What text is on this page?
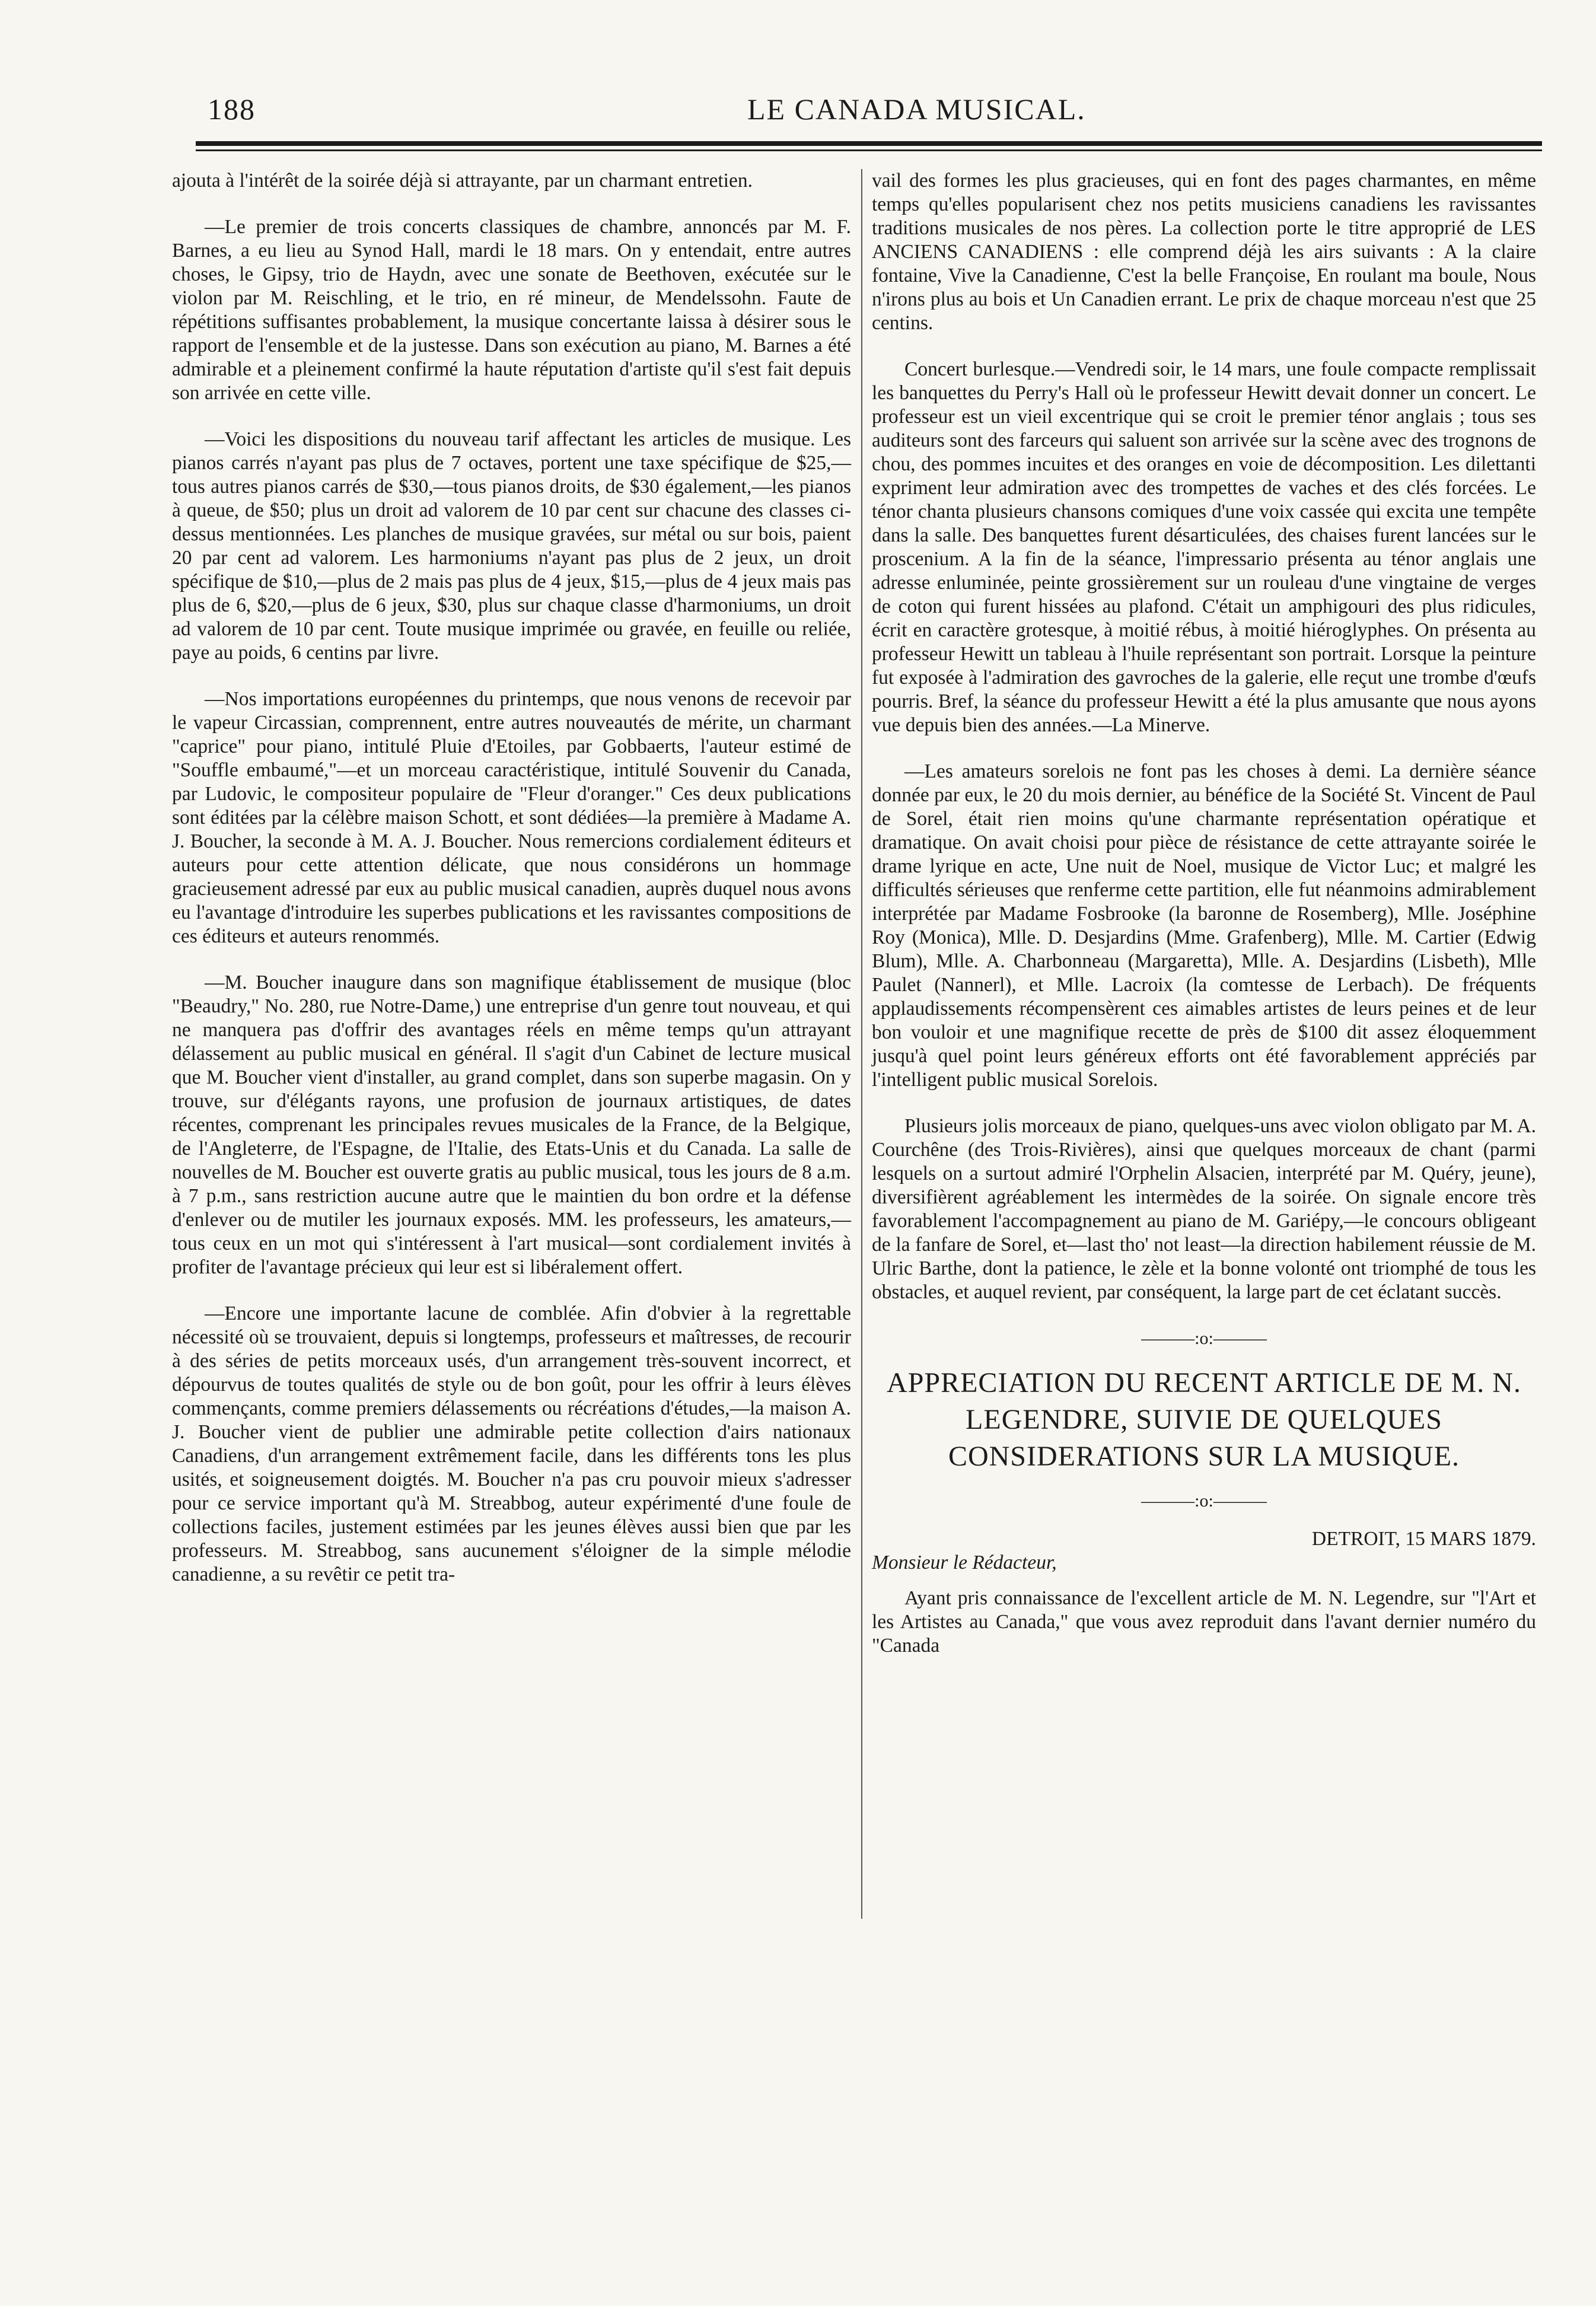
188	LE CANADA MUSICAL.

ajouta à l'intérêt de la soirée déjà si attrayante, par un charmant entretien.

—Le premier de trois concerts classiques de chambre, annoncés par M. F. Barnes, a eu lieu au Synod Hall, mardi le 18 mars. On y entendait, entre autres choses, le Gipsy, trio de Haydn, avec une sonate de Beethoven, exécutée sur le violon par M. Reischling, et le trio, en ré mineur, de Mendelssohn. Faute de répétitions suffisantes probablement, la musique concertante laissa à désirer sous le rapport de l'ensemble et de la justesse. Dans son exécution au piano, M. Barnes a été admirable et a pleinement confirmé la haute réputation d'artiste qu'il s'est fait depuis son arrivée en cette ville.

—Voici les dispositions du nouveau tarif affectant les articles de musique. Les pianos carrés n'ayant pas plus de 7 octaves, portent une taxe spécifique de $25,—tous autres pianos carrés de $30,—tous pianos droits, de $30 également,—les pianos à queue, de $50; plus un droit ad valorem de 10 par cent sur chacune des classes ci-dessus mentionnées. Les planches de musique gravées, sur métal ou sur bois, paient 20 par cent ad valorem. Les harmoniums n'ayant pas plus de 2 jeux, un droit spécifique de $10,—plus de 2 mais pas plus de 4 jeux, $15,—plus de 4 jeux mais pas plus de 6, $20,—plus de 6 jeux, $30, plus sur chaque classe d'harmoniums, un droit ad valorem de 10 par cent. Toute musique imprimée ou gravée, en feuille ou reliée, paye au poids, 6 centins par livre.

—Nos importations européennes du printemps, que nous venons de recevoir par le vapeur Circassian, comprennent, entre autres nouveautés de mérite, un charmant "caprice" pour piano, intitulé Pluie d'Etoiles, par Gobbaerts, l'auteur estimé de "Souffle embaumé,"—et un morceau caractéristique, intitulé Souvenir du Canada, par Ludovic, le compositeur populaire de "Fleur d'oranger." Ces deux publications sont éditées par la célèbre maison Schott, et sont dédiées—la première à Madame A. J. Boucher, la seconde à M. A. J. Boucher. Nous remercions cordialement éditeurs et auteurs pour cette attention délicate, que nous considérons un hommage gracieusement adressé par eux au public musical canadien, auprès duquel nous avons eu l'avantage d'introduire les superbes publications et les ravissantes compositions de ces éditeurs et auteurs renommés.

—M. Boucher inaugure dans son magnifique établissement de musique (bloc "Beaudry," No. 280, rue Notre-Dame,) une entreprise d'un genre tout nouveau, et qui ne manquera pas d'offrir des avantages réels en même temps qu'un attrayant délassement au public musical en général. Il s'agit d'un Cabinet de lecture musical que M. Boucher vient d'installer, au grand complet, dans son superbe magasin. On y trouve, sur d'élégants rayons, une profusion de journaux artistiques, de dates récentes, comprenant les principales revues musicales de la France, de la Belgique, de l'Angleterre, de l'Espagne, de l'Italie, des Etats-Unis et du Canada. La salle de nouvelles de M. Boucher est ouverte gratis au public musical, tous les jours de 8 a.m. à 7 p.m., sans restriction aucune autre que le maintien du bon ordre et la défense d'enlever ou de mutiler les journaux exposés. MM. les professeurs, les amateurs,—tous ceux en un mot qui s'intéressent à l'art musical—sont cordialement invités à profiter de l'avantage précieux qui leur est si libéralement offert.

—Encore une importante lacune de comblée. Afin d'obvier à la regrettable nécessité où se trouvaient, depuis si longtemps, professeurs et maîtresses, de recourir à des séries de petits morceaux usés, d'un arrangement très-souvent incorrect, et dépourvus de toutes qualités de style ou de bon goût, pour les offrir à leurs élèves commençants, comme premiers délassements ou récréations d'études,—la maison A. J. Boucher vient de publier une admirable petite collection d'airs nationaux Canadiens, d'un arrangement extrêmement facile, dans les différents tons les plus usités, et soigneusement doigtés. M. Boucher n'a pas cru pouvoir mieux s'adresser pour ce service important qu'à M. Streabbog, auteur expérimenté d'une foule de collections faciles, justement estimées par les jeunes élèves aussi bien que par les professeurs. M. Streabbog, sans aucunement s'éloigner de la simple mélodie canadienne, a su revêtir ce petit tra-

vail des formes les plus gracieuses, qui en font des pages charmantes, en même temps qu'elles popularisent chez nos petits musiciens canadiens les ravissantes traditions musicales de nos pères. La collection porte le titre approprié de LES ANCIENS CANADIENS : elle comprend déjà les airs suivants : A la claire fontaine, Vive la Canadienne, C'est la belle Françoise, En roulant ma boule, Nous n'irons plus au bois et Un Canadien errant. Le prix de chaque morceau n'est que 25 centins.

Concert burlesque.—Vendredi soir, le 14 mars, une foule compacte remplissait les banquettes du Perry's Hall où le professeur Hewitt devait donner un concert. Le professeur est un vieil excentrique qui se croit le premier ténor anglais ; tous ses auditeurs sont des farceurs qui saluent son arrivée sur la scène avec des trognons de chou, des pommes incuites et des oranges en voie de décomposition. Les dilettanti expriment leur admiration avec des trompettes de vaches et des clés forcées. Le ténor chanta plusieurs chansons comiques d'une voix cassée qui excita une tempête dans la salle. Des banquettes furent désarticulées, des chaises furent lancées sur le proscenium. A la fin de la séance, l'impressario présenta au ténor anglais une adresse enluminée, peinte grossièrement sur un rouleau d'une vingtaine de verges de coton qui furent hissées au plafond. C'était un amphigouri des plus ridicules, écrit en caractère grotesque, à moitié rébus, à moitié hiéroglyphes. On présenta au professeur Hewitt un tableau à l'huile représentant son portrait. Lorsque la peinture fut exposée à l'admiration des gavroches de la galerie, elle reçut une trombe d'œufs pourris. Bref, la séance du professeur Hewitt a été la plus amusante que nous ayons vue depuis bien des années.—La Minerve.

—Les amateurs sorelois ne font pas les choses à demi. La dernière séance donnée par eux, le 20 du mois dernier, au bénéfice de la Société St. Vincent de Paul de Sorel, était rien moins qu'une charmante représentation opératique et dramatique. On avait choisi pour pièce de résistance de cette attrayante soirée le drame lyrique en acte, Une nuit de Noel, musique de Victor Luc; et malgré les difficultés sérieuses que renferme cette partition, elle fut néanmoins admirablement interprétée par Madame Fosbrooke (la baronne de Rosemberg), Mlle. Joséphine Roy (Monica), Mlle. D. Desjardins (Mme. Grafenberg), Mlle. M. Cartier (Edwig Blum), Mlle. A. Charbonneau (Margaretta), Mlle. A. Desjardins (Lisbeth), Mlle Paulet (Nannerl), et Mlle. Lacroix (la comtesse de Lerbach). De fréquents applaudissements récompensèrent ces aimables artistes de leurs peines et de leur bon vouloir et une magnifique recette de près de $100 dit assez éloquemment jusqu'à quel point leurs généreux efforts ont été favorablement appréciés par l'intelligent public musical Sorelois.

Plusieurs jolis morceaux de piano, quelques-uns avec violon obligato par M. A. Courchêne (des Trois-Rivières), ainsi que quelques morceaux de chant (parmi lesquels on a surtout admiré l'Orphelin Alsacien, interprété par M. Quéry, jeune), diversifièrent agréablement les intermèdes de la soirée. On signale encore très favorablement l'accompagnement au piano de M. Gariépy,—le concours obligeant de la fanfare de Sorel, et—last tho' not least—la direction habilement réussie de M. Ulric Barthe, dont la patience, le zèle et la bonne volonté ont triomphé de tous les obstacles, et auquel revient, par conséquent, la large part de cet éclatant succès.

———:o:———
APPRECIATION DU RECENT ARTICLE DE M. N. LEGENDRE, SUIVIE DE QUELQUES CONSIDERATIONS SUR LA MUSIQUE.
———:o:———
DETROIT, 15 MARS 1879.
Monsieur le Rédacteur,

Ayant pris connaissance de l'excellent article de M. N. Legendre, sur "l'Art et les Artistes au Canada," que vous avez reproduit dans l'avant dernier numéro du "Canada
